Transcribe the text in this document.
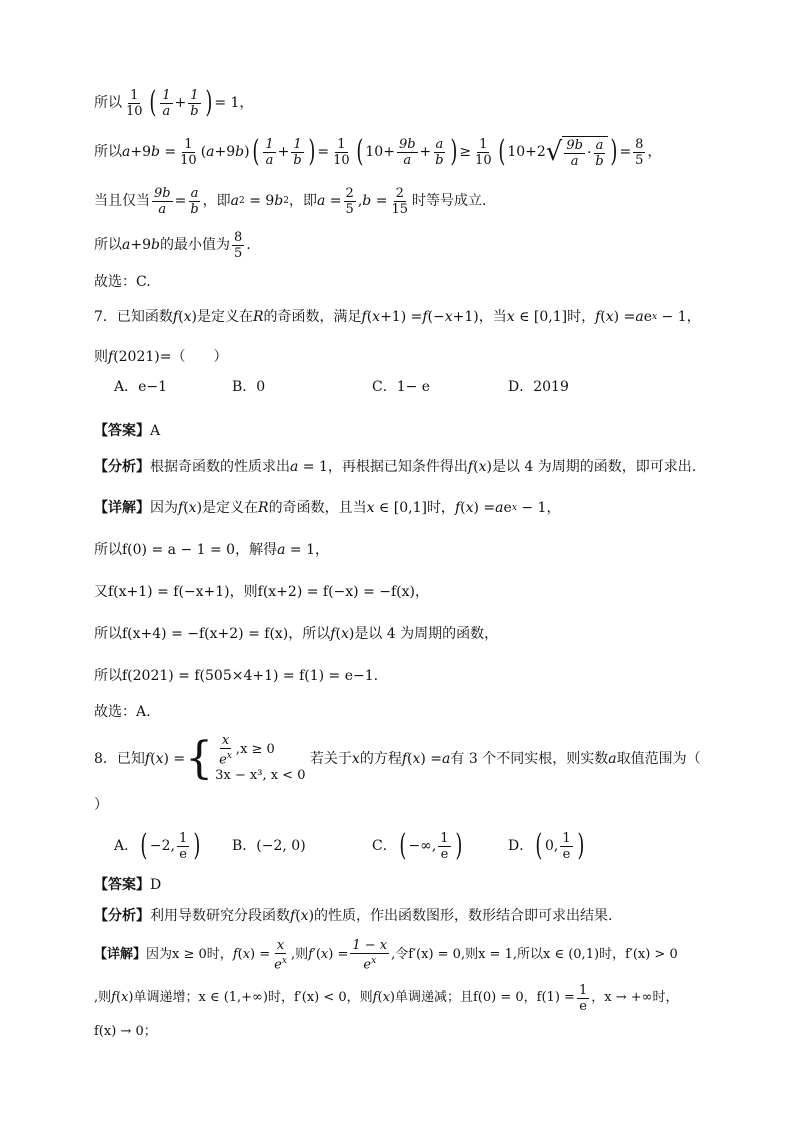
所以 $\frac{1}{10}$ ( $\frac{1}{a} + \frac{1}{b}$ ) = 1，
所以 a +9 $b = \frac{1}{10}$ ( a +9 b ) ( $\frac{1}{a} + \frac{1}{b}$ ) = $\frac{1}{10}$ ( $10+ \frac{9b}{a} + \frac{a}{b}$ ) ≥ $\frac{1}{10}$ ( 10+2 √ $\frac{9b}{a} \cdot \frac{a}{b}$ ) = $\frac{8}{5}$ ，
当且仅当 $\frac{9b}{a} = \frac{a}{b}$ ，即 a 2 = 9 b 2 ，即 $a = \frac{2}{5}$ , $b = \frac{2}{15}$ 时等号成立.
所以 a +9 b 的最小值为 $\frac{8}{5}$ .
故选：C.
7．已知函数 f ( x ) 是定义在 R 的奇函数，满足 f ( x +1) = f (− x +1) ，当 x ∈ [0,1] 时， f ( x ) = a e x − 1 ，
则 f (2021) =（　　）
A．e−1	B．0	C．1− e	D．2019
【答案】 A
【分析】 根据奇函数的性质求出 a = 1 ，再根据已知条件得出 f ( x ) 是以 4 为周期的函数，即可求出.
【详解】 因为 f ( x ) 是定义在 R 的奇函数，且当 x ∈ [0,1] 时， f ( x ) = a e x − 1 ，
所以 f(0) = a − 1 = 0 ，解得 a = 1 ，
又 f(x+1) = f(−x+1) ，则 f(x+2) = f(−x) = −f(x) ，
所以 f(x+4) = −f(x+2) = f(x) ，所以 f ( x ) 是以 4 为周期的函数，
所以 f(2021) = f(505×4+1) = f(1) = e−1.
故选：A.
8．已知 f ( x ) = { $\frac{x}{e^x}$ , x ≥ 0
3x − x³, x < 0

若关于 x 的方程 f ( x ) = a 有 3 个不同实根，则实数 a 取值范围为（
）
A． ( −2, $\frac{1}{e}$ ) B． (−2, 0)	C． ( −∞, $\frac{1}{e}$ )	D． ( 0, $\frac{1}{e}$ )
【答案】 D
【分析】 利用导数研究分段函数 f ( x ) 的性质，作出函数图形，数形结合即可求出结果.
【详解】 因为 x ≥ 0 时， f ( x ) = $\frac{x}{e^x}$ ,则 f ′( x ) = $\frac{1 - x}{e^x}$ ,令 f′(x) = 0 ,则 x = 1 ,所以 x ∈ (0,1) 时， f′(x) > 0
,则 f ( x ) 单调递增； x ∈ (1,+∞) 时， f′(x) < 0 ，则 f ( x ) 单调递减；且 f(0) = 0 ， $f(1) = \frac{1}{e}$ ， x → +∞ 时，
f(x) → 0；
